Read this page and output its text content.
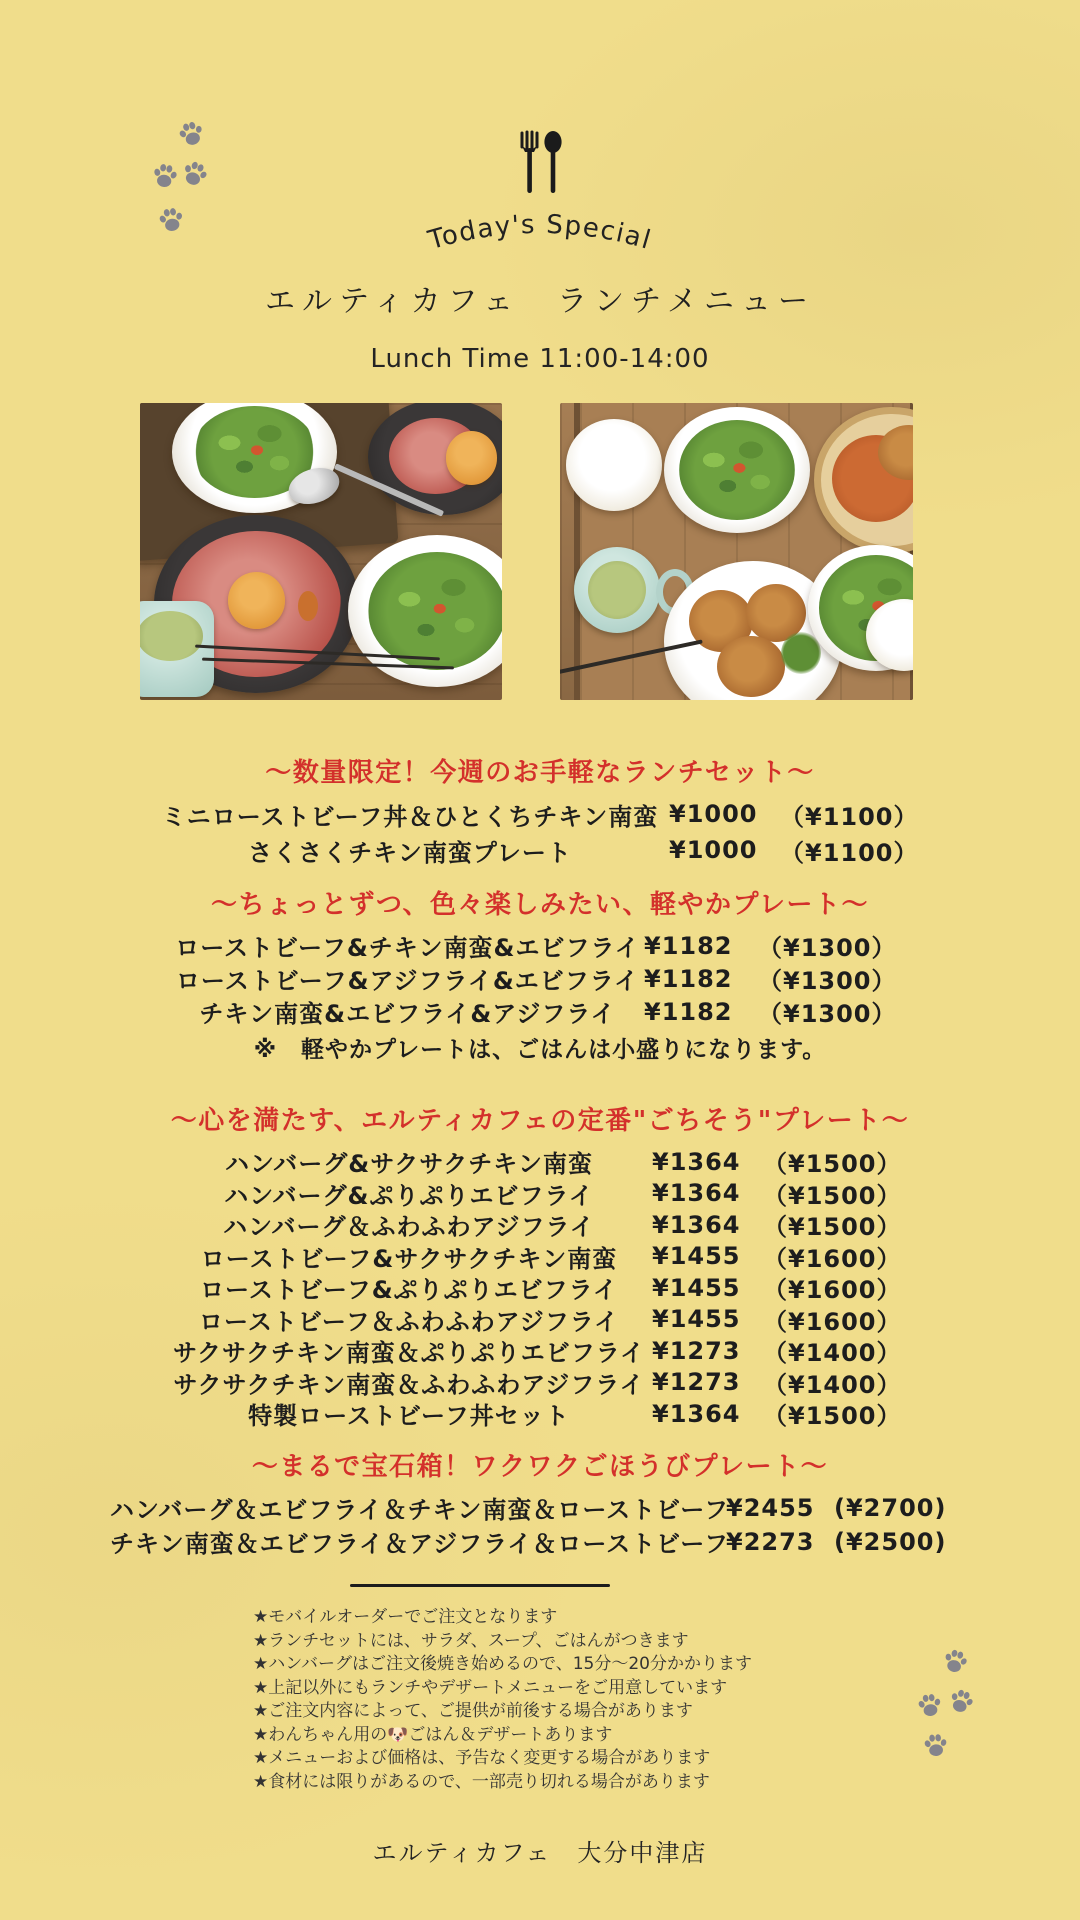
Today's Special
エルティカフェ　ランチメニュー
Lunch Time 11:00-14:00
～数量限定！今週のお手軽なランチセット～
ミニローストビーフ丼＆ひとくちチキン南蛮 ¥1000 （¥1100）
さくさくチキン南蛮プレート	¥1000 （¥1100）
～ちょっとずつ、色々楽しみたい、軽やかプレート～
ローストビーフ&チキン南蛮&エビフライ ¥1182	（¥1300）
ローストビーフ&アジフライ&エビフライ ¥1182	（¥1300）
チキン南蛮&エビフライ&アジフライ	¥1182	（¥1300）
※　軽やかプレートは、ごはんは小盛りになります。
～心を満たす、エルティカフェの定番"ごちそう"プレート～
ハンバーグ&サクサクチキン南蛮	¥1364 （¥1500）
ハンバーグ&ぷりぷりエビフライ	¥1364 （¥1500）
ハンバーグ＆ふわふわアジフライ	¥1364 （¥1500）
ローストビーフ&サクサクチキン南蛮	¥1455 （¥1600）
ローストビーフ&ぷりぷりエビフライ	¥1455 （¥1600）
ローストビーフ＆ふわふわアジフライ	¥1455 （¥1600）
サクサクチキン南蛮＆ぷりぷりエビフライ ¥1273 （¥1400）
サクサクチキン南蛮＆ふわふわアジフライ ¥1273 （¥1400）
特製ローストビーフ丼セット	¥1364 （¥1500）
～まるで宝石箱！ワクワクごほうびプレート～
ハンバーグ＆エビフライ＆チキン南蛮＆ローストビーフ
¥2455 (¥2700)
チキン南蛮＆エビフライ＆アジフライ＆ローストビーフ
¥2273 (¥2500)
★モバイルオーダーでご注文となります
★ランチセットには、サラダ、スープ、ごはんがつきます
★ハンバーグはご注文後焼き始めるので、15分～20分かかります
★上記以外にもランチやデザートメニューをご用意しています
★ご注文内容によって、ご提供が前後する場合があります
★わんちゃん用の🐶ごはん＆デザートあります
★メニューおよび価格は、予告なく変更する場合があります
★食材には限りがあるので、一部売り切れる場合があります
エルティカフェ　大分中津店
